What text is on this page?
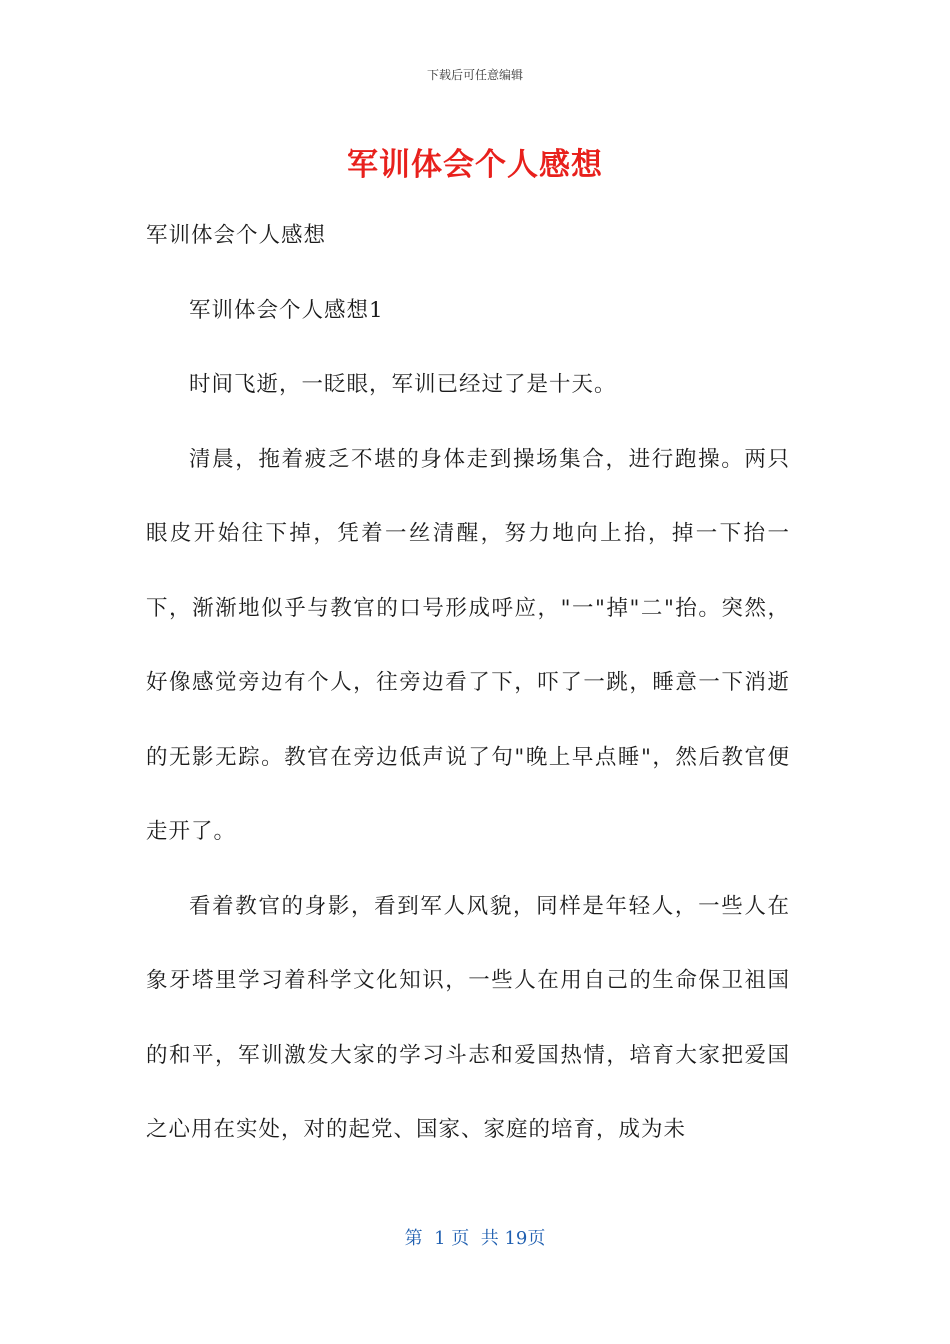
下载后可任意编辑
军训体会个人感想

军训体会个人感想

军训体会个人感想1

时间飞逝，一眨眼，军训已经过了是十天。

清晨，拖着疲乏不堪的身体走到操场集合，进行跑操。两只眼皮开始往下掉，凭着一丝清醒，努力地向上抬，掉一下抬一下，渐渐地似乎与教官的口号形成呼应，"一"掉"二"抬。突然，好像感觉旁边有个人，往旁边看了下，吓了一跳，睡意一下消逝的无影无踪。教官在旁边低声说了句"晚上早点睡"，然后教官便走开了。

看着教官的身影，看到军人风貌，同样是年轻人，一些人在象牙塔里学习着科学文化知识，一些人在用自己的生命保卫祖国的和平，军训激发大家的学习斗志和爱国热情，培育大家把爱国之心用在实处，对的起党、国家、家庭的培育，成为未

第  1 页  共 19页
